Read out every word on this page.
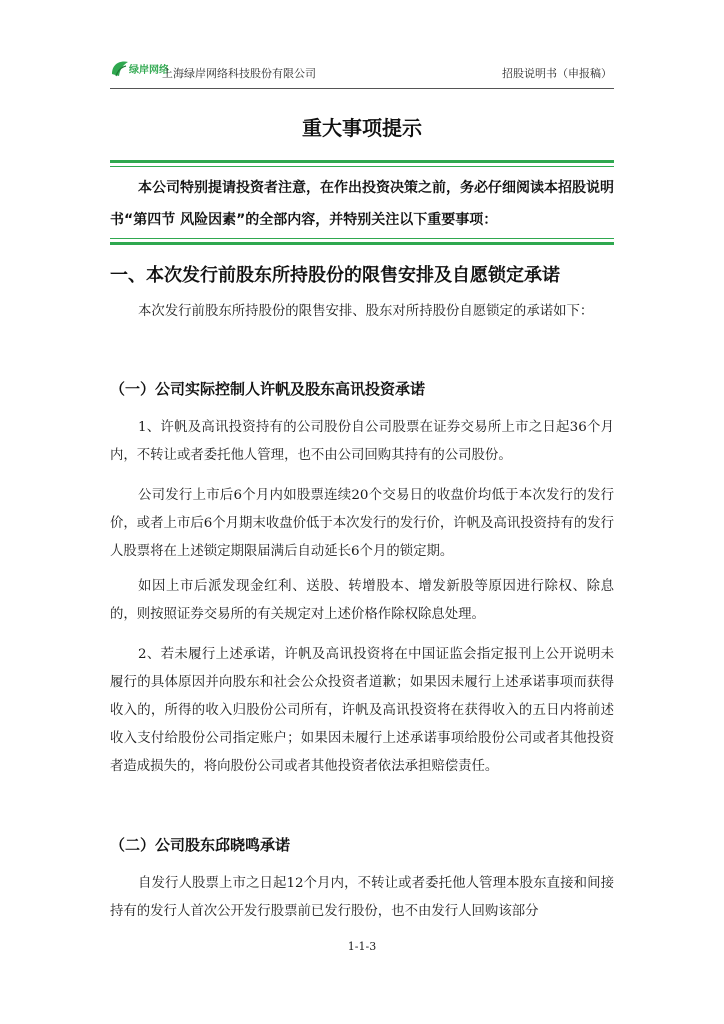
绿岸网络
上海绿岸网络科技股份有限公司	招股说明书（申报稿）
重大事项提示
本公司特别提请投资者注意，在作出投资决策之前，务必仔细阅读本招股说明书“第四节 风险因素”的全部内容，并特别关注以下重要事项：
一、本次发行前股东所持股份的限售安排及自愿锁定承诺
本次发行前股东所持股份的限售安排、股东对所持股份自愿锁定的承诺如下：
（一）公司实际控制人许帆及股东高讯投资承诺
1、许帆及高讯投资持有的公司股份自公司股票在证券交易所上市之日起36个月内，不转让或者委托他人管理，也不由公司回购其持有的公司股份。
公司发行上市后6个月内如股票连续20个交易日的收盘价均低于本次发行的发行价，或者上市后6个月期末收盘价低于本次发行的发行价，许帆及高讯投资持有的发行人股票将在上述锁定期限届满后自动延长6个月的锁定期。
如因上市后派发现金红利、送股、转增股本、增发新股等原因进行除权、除息的，则按照证券交易所的有关规定对上述价格作除权除息处理。
2、若未履行上述承诺，许帆及高讯投资将在中国证监会指定报刊上公开说明未履行的具体原因并向股东和社会公众投资者道歉；如果因未履行上述承诺事项而获得收入的，所得的收入归股份公司所有，许帆及高讯投资将在获得收入的五日内将前述收入支付给股份公司指定账户；如果因未履行上述承诺事项给股份公司或者其他投资者造成损失的，将向股份公司或者其他投资者依法承担赔偿责任。
（二）公司股东邱晓鸣承诺
自发行人股票上市之日起12个月内，不转让或者委托他人管理本股东直接和间接持有的发行人首次公开发行股票前已发行股份，也不由发行人回购该部分
1-1-3
